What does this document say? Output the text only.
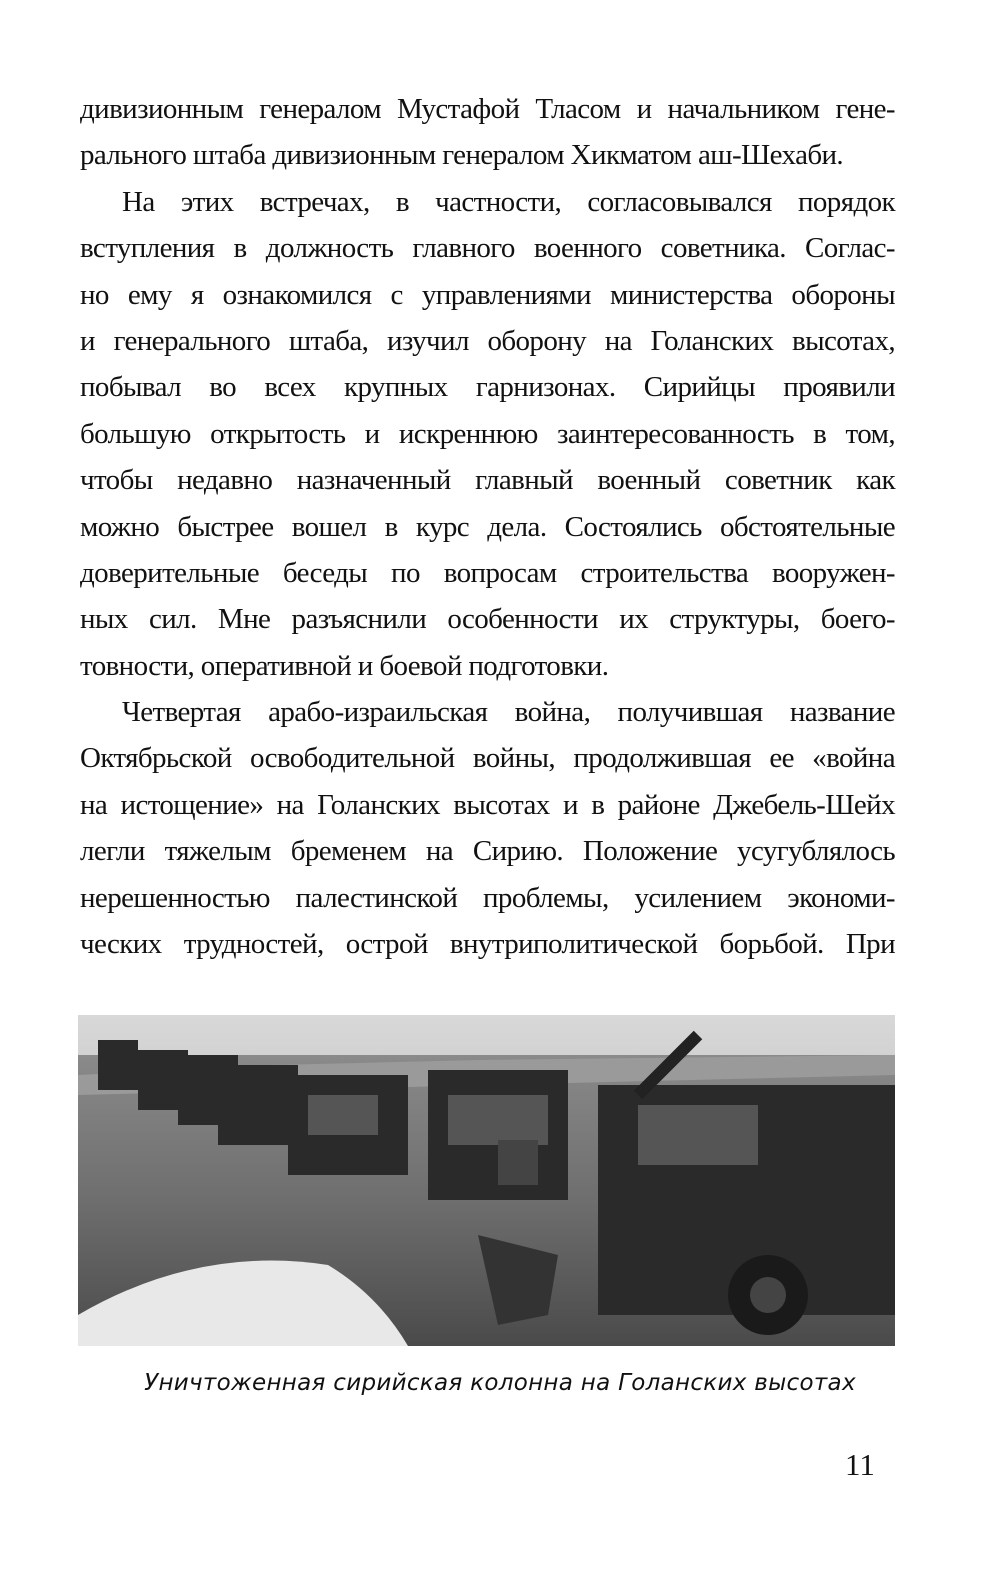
дивизионным генералом Мустафой Тласом и начальником гене-
рального штаба дивизионным генералом Хикматом аш-Шехаби.
На этих встречах, в частности, согласовывался порядок
вступления в должность главного военного советника. Соглас-
но ему я ознакомился с управлениями министерства обороны
и генерального штаба, изучил оборону на Голанских высотах,
побывал во всех крупных гарнизонах. Сирийцы проявили
большую открытость и искреннюю заинтересованность в том,
чтобы недавно назначенный главный военный советник как
можно быстрее вошел в курс дела. Состоялись обстоятельные
доверительные беседы по вопросам строительства вооружен-
ных сил. Мне разъяснили особенности их структуры, боего-
товности, оперативной и боевой подготовки.
Четвертая арабо-израильская война, получившая название
Октябрьской освободительной войны, продолжившая ее «война
на истощение» на Голанских высотах и в районе Джебель-Шейх
легли тяжелым бременем на Сирию. Положение усугублялось
нерешенностью палестинской проблемы, усилением экономи-
ческих трудностей, острой внутриполитической борьбой. При
Уничтоженная сирийская колонна на Голанских высотах
11
